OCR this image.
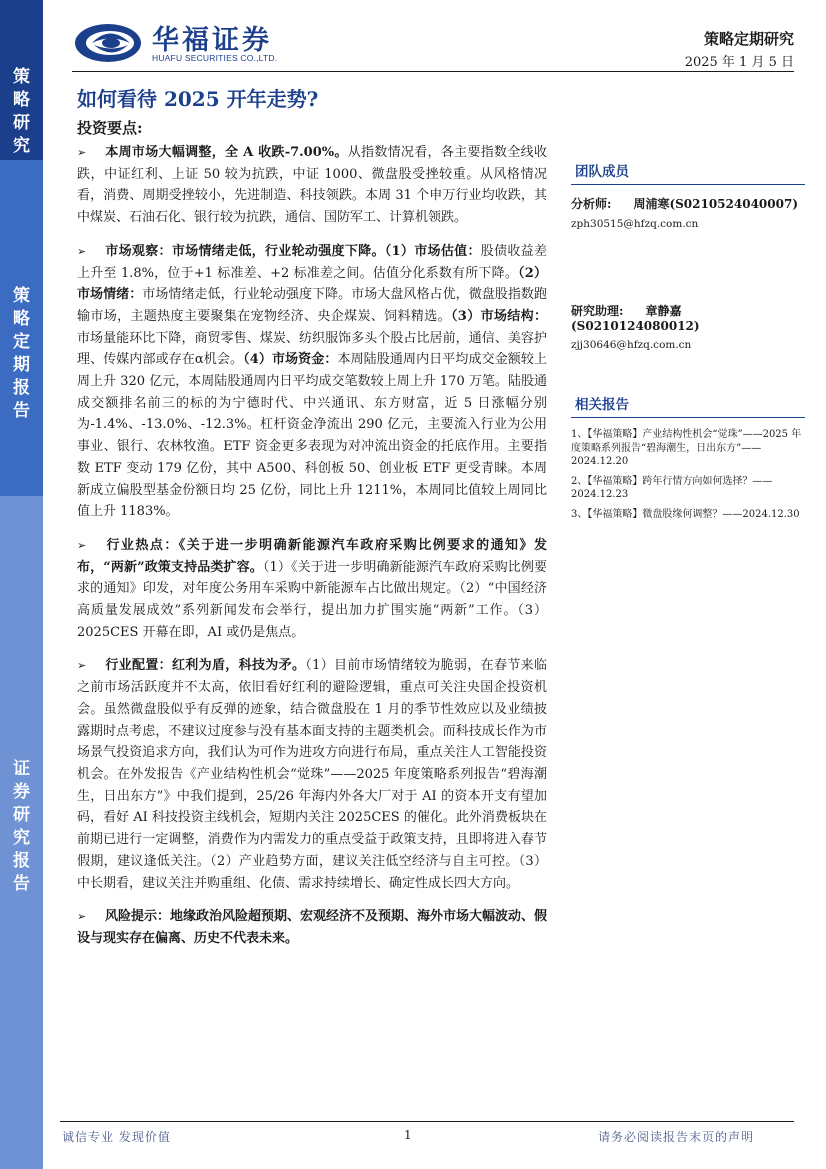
策
略
研
究
策
略
定
期
报
告
证
券
研
究
报
告
华福证券
HUAFU SECURITIES CO.,LTD.
策略定期研究
2025 年 1 月 5 日
如何看待 2025 开年走势?
投资要点:

➢ 本周市场大幅调整，全 A 收跌-7.00%。从指数情况看，各主要指数全线收跌，中证红利、上证 50 较为抗跌，中证 1000、微盘股受挫较重。从风格情况看，消费、周期受挫较小，先进制造、科技领跌。本周 31 个申万行业均收跌，其中煤炭、石油石化、银行较为抗跌，通信、国防军工、计算机领跌。

➢ 市场观察：市场情绪走低，行业轮动强度下降。（1）市场估值：股债收益差上升至 1.8%，位于+1 标准差、+2 标准差之间。估值分化系数有所下降。（2）市场情绪：市场情绪走低，行业轮动强度下降。市场大盘风格占优，微盘股指数跑输市场，主题热度主要聚集在宠物经济、央企煤炭、饲料精选。（3）市场结构：市场量能环比下降，商贸零售、煤炭、纺织服饰多头个股占比居前，通信、美容护理、传媒内部或存在α机会。（4）市场资金：本周陆股通周内日平均成交金额较上周上升 320 亿元，本周陆股通周内日平均成交笔数较上周上升 170 万笔。陆股通成交额排名前三的标的为宁德时代、中兴通讯、东方财富，近 5 日涨幅分别为-1.4%、-13.0%、-12.3%。杠杆资金净流出 290 亿元，主要流入行业为公用事业、银行、农林牧渔。ETF 资金更多表现为对冲流出资金的托底作用。主要指数 ETF 变动 179 亿份，其中 A500、科创板 50、创业板 ETF 更受青睐。本周新成立偏股型基金份额日均 25 亿份，同比上升 1211%，本周同比值较上周同比值上升 1183%。

➢ 行业热点：《关于进一步明确新能源汽车政府采购比例要求的通知》发布，“两新”政策支持品类扩容。（1）《关于进一步明确新能源汽车政府采购比例要求的通知》印发，对年度公务用车采购中新能源车占比做出规定。（2）“中国经济高质量发展成效”系列新闻发布会举行，提出加力扩围实施“两新”工作。（3）2025CES 开幕在即，AI 或仍是焦点。

➢ 行业配置：红利为盾，科技为矛。（1）目前市场情绪较为脆弱，在春节来临之前市场活跃度并不太高，依旧看好红利的避险逻辑，重点可关注央国企投资机会。虽然微盘股似乎有反弹的迹象，结合微盘股在 1 月的季节性效应以及业绩披露期时点考虑，不建议过度参与没有基本面支持的主题类机会。而科技成长作为市场景气投资追求方向，我们认为可作为进攻方向进行布局，重点关注人工智能投资机会。在外发报告《产业结构性机会“觉珠”——2025 年度策略系列报告“碧海潮生，日出东方”》中我们提到，25/26 年海内外各大厂对于 AI 的资本开支有望加码，看好 AI 科技投资主线机会，短期内关注 2025CES 的催化。此外消费板块在前期已进行一定调整，消费作为内需发力的重点受益于政策支持，且即将进入春节假期，建议逢低关注。（2）产业趋势方面，建议关注低空经济与自主可控。（3）中长期看，建议关注并购重组、化债、需求持续增长、确定性成长四大方向。

➢ 风险提示：地缘政治风险超预期、宏观经济不及预期、海外市场大幅波动、假设与现实存在偏离、历史不代表未来。

团队成员
分析师: 周浦寒(S0210524040007)
zph30515@hfzq.com.cn
研究助理: 章静嘉(S0210124080012)
zjj30646@hfzq.com.cn
相关报告
1、【华福策略】产业结构性机会“觉珠”——2025 年度策略系列报告“碧海潮生，日出东方”——2024.12.20
2、【华福策略】跨年行情方向如何选择？——2024.12.23
3、【华福策略】微盘股缘何调整？——2024.12.30
诚信专业 发现价值	1	请务必阅读报告末页的声明
